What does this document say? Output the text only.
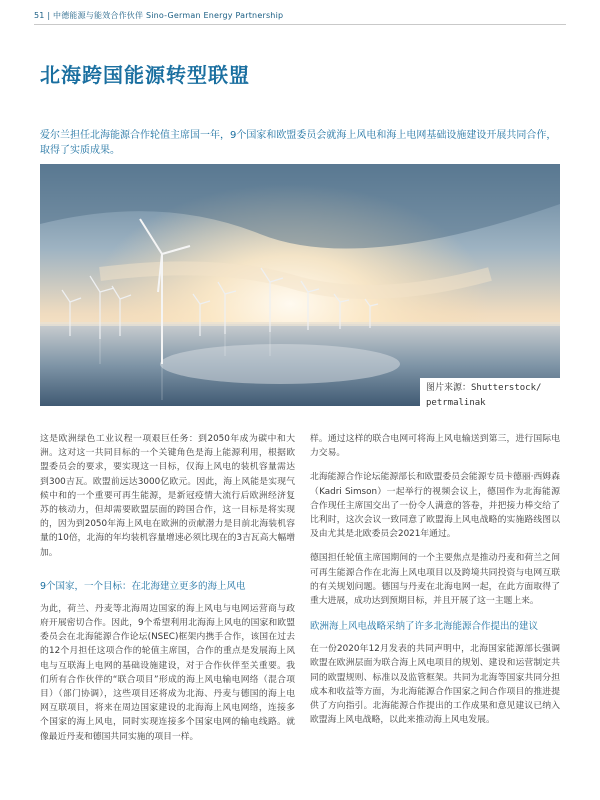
51 | 中德能源与能效合作伙伴 Sino-German Energy Partnership
北海跨国能源转型联盟
爱尔兰担任北海能源合作轮值主席国一年，9个国家和欧盟委员会就海上风电和海上电网基础设施建设开展共同合作，取得了实质成果。
图片来源：Shutterstock/
petrmalinak

这是欧洲绿色工业议程一项艰巨任务：到2050年成为碳中和大洲。这对这一共同目标的一个关键角色是海上能源利用，根据欧盟委员会的要求，要实现这一目标，仅海上风电的装机容量需达到300吉瓦。欧盟前远达3000亿欧元。因此，海上风能是实现气候中和的一个重要可再生能源，是新冠疫情大流行后欧洲经济复苏的核动力，但却需要欧盟层面的跨国合作，这一目标是将实现的，因为到2050年海上风电在欧洲的贡献潜力是目前北海装机容量的10倍，北海的年均装机容量增速必须比现在的3吉瓦高大幅增加。

9个国家，一个目标：在北海建立更多的海上风电

为此，荷兰、丹麦等北海周边国家的海上风电与电网运营商与政府开展密切合作。因此，9个希望利用北海海上风电的国家和欧盟委员会在北海能源合作论坛(NSEC)框架内携手合作，该国在过去的12个月担任这项合作的轮值主席国，合作的重点是发展海上风电与互联海上电网的基础设施建设，对于合作伙伴至关重要。我们所有合作伙伴的“联合项目”形成的海上风电输电网络（混合项目）（部门协调），这些项目还将成为北海、丹麦与德国的海上电网互联项目，将来在周边国家建设的北海海上风电网络，连接多个国家的海上风电，同时实现连接多个国家电网的输电线路。就像最近丹麦和德国共同实施的项目一样。

样。通过这样的联合电网可将海上风电输送到第三，进行国际电力交易。

北海能源合作论坛能源部长和欧盟委员会能源专员卡德丽·西姆森（Kadri Simson）一起举行的视频会议上，德国作为北海能源合作现任主席国交出了一份令人满意的答卷，并把接力棒交给了比利时，这次会议一致同意了欧盟海上风电战略的实施路线图以及由尤其是北欧委员会2021年通过。

德国担任轮值主席国期间的一个主要焦点是推动丹麦和荷兰之间可再生能源合作在北海上风电项目以及跨境共同投资与电网互联的有关规划问题。德国与丹麦在北海电网一起，在此方面取得了重大进展，成功达到预期目标，并且开展了这一主题上来。

欧洲海上风电战略采纳了许多北海能源合作提出的建议

在一份2020年12月发表的共同声明中，北海国家能源部长强调欧盟在欧洲层面为联合海上风电项目的规划、建设和运营制定共同的欧盟规则、标准以及监管框架。共同为北海等国家共同分担成本和收益等方面，为北海能源合作国家之间合作项目的推进提供了方向指引。北海能源合作提出的工作成果和意见建议已纳入欧盟海上风电战略，以此来推动海上风电发展。
